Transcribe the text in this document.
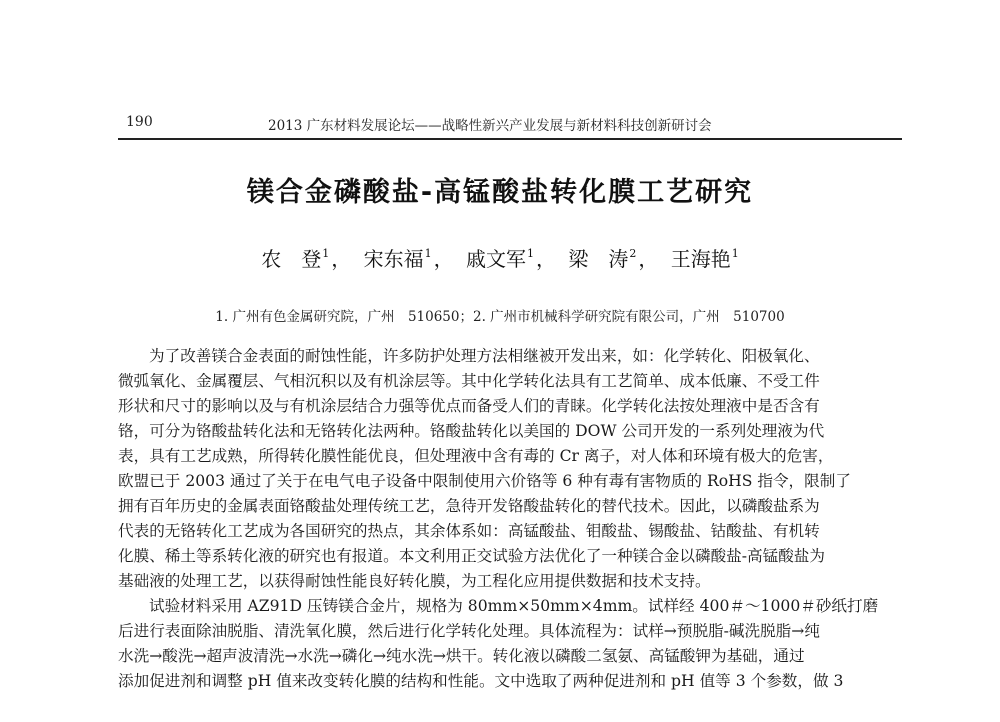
190	2013 广东材料发展论坛——战略性新兴产业发展与新材料科技创新研讨会
镁合金磷酸盐-高锰酸盐转化膜工艺研究
农　登$^1$ ， 宋东福$^1$ ， 戚文军$^1$ ， 梁　涛$^2$ ， 王海艳$^1$
1. 广州有色金属研究院，广州　510650；2. 广州市机械科学研究院有限公司，广州　510700
为了改善镁合金表面的耐蚀性能，许多防护处理方法相继被开发出来，如：化学转化、阳极氧化、
微弧氧化、金属覆层、气相沉积以及有机涂层等。其中化学转化法具有工艺简单、成本低廉、不受工件
形状和尺寸的影响以及与有机涂层结合力强等优点而备受人们的青睐。化学转化法按处理液中是否含有
铬，可分为铬酸盐转化法和无铬转化法两种。铬酸盐转化以美国的 DOW 公司开发的一系列处理液为代
表，具有工艺成熟，所得转化膜性能优良，但处理液中含有毒的 Cr 离子，对人体和环境有极大的危害，
欧盟已于 2003 通过了关于在电气电子设备中限制使用六价铬等 6 种有毒有害物质的 RoHS 指令，限制了
拥有百年历史的金属表面铬酸盐处理传统工艺，急待开发铬酸盐转化的替代技术。因此，以磷酸盐系为
代表的无铬转化工艺成为各国研究的热点，其余体系如：高锰酸盐、钼酸盐、锡酸盐、钴酸盐、有机转
化膜、稀土等系转化液的研究也有报道。本文利用正交试验方法优化了一种镁合金以磷酸盐-高锰酸盐为
基础液的处理工艺，以获得耐蚀性能良好转化膜，为工程化应用提供数据和技术支持。
试验材料采用 AZ91D 压铸镁合金片，规格为 80mm×50mm×4mm。试样经 400＃～1000＃砂纸打磨
后进行表面除油脱脂、清洗氧化膜，然后进行化学转化处理。具体流程为：试样→预脱脂-碱洗脱脂→纯
水洗→酸洗→超声波清洗→水洗→磷化→纯水洗→烘干。转化液以磷酸二氢氨、高锰酸钾为基础，通过
添加促进剂和调整 pH 值来改变转化膜的结构和性能。文中选取了两种促进剂和 pH 值等 3 个参数，做 3
